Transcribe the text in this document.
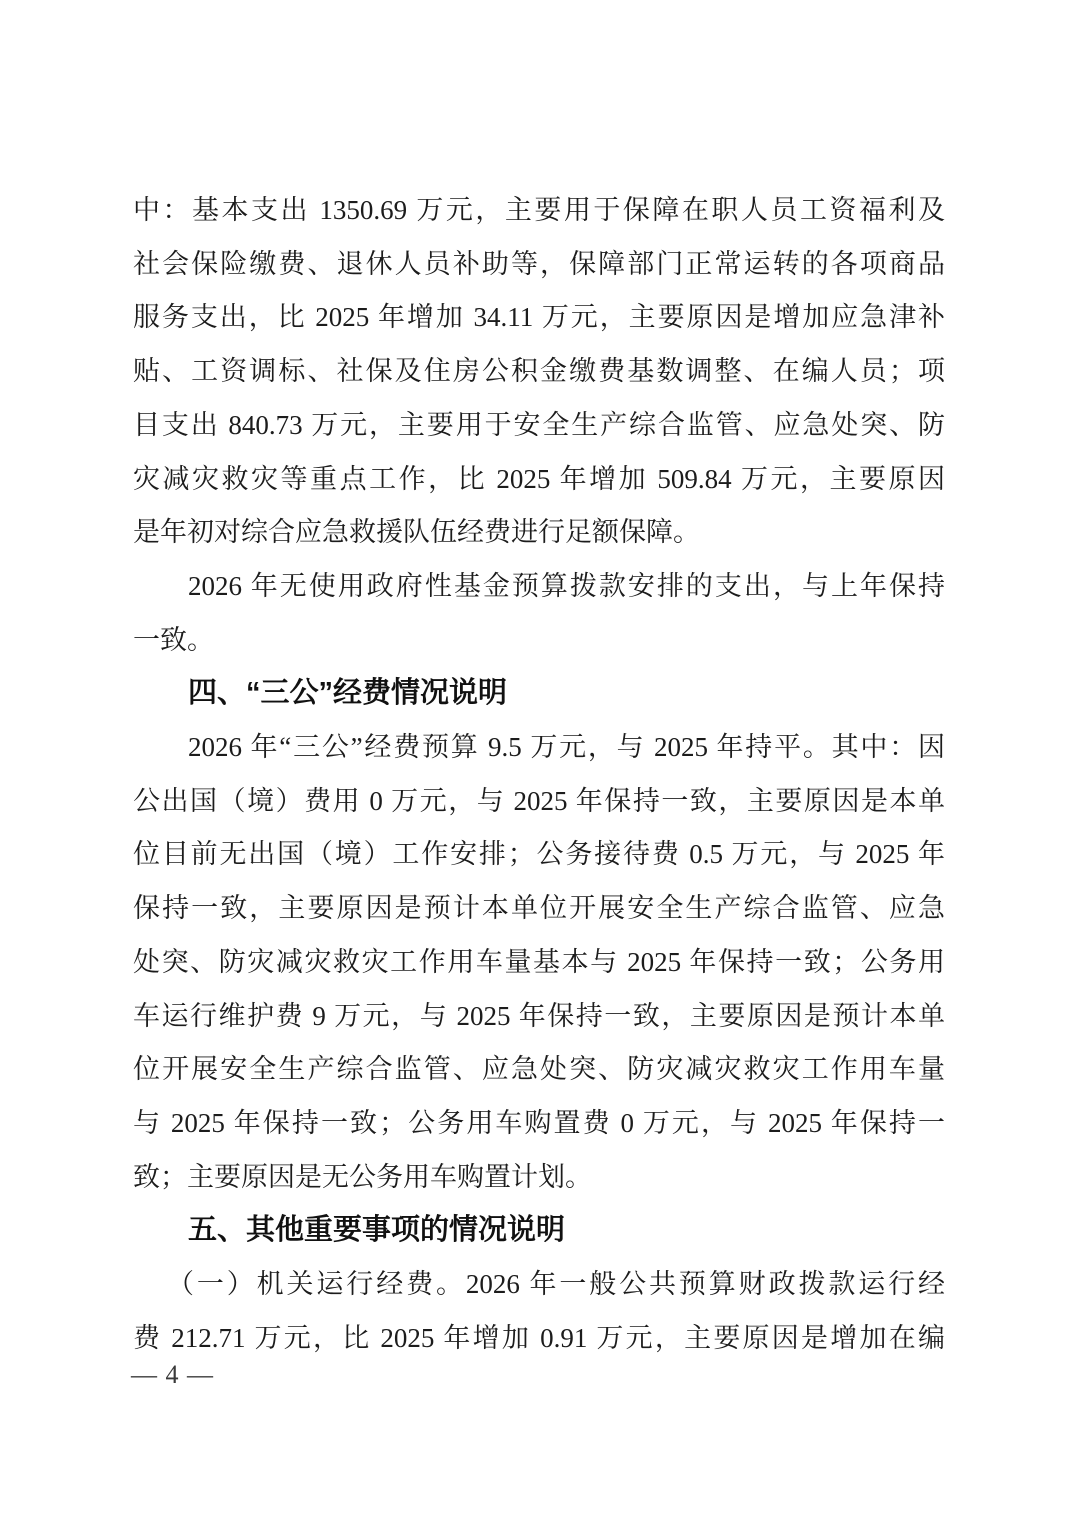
中：基本支出 1350.69 万元，主要用于保障在职人员工资福利及
社会保险缴费、退休人员补助等，保障部门正常运转的各项商品
服务支出，比 2025 年增加 34.11 万元，主要原因是增加应急津补
贴、工资调标、社保及住房公积金缴费基数调整、在编人员；项
目支出 840.73 万元，主要用于安全生产综合监管、应急处突、防
灾减灾救灾等重点工作，比 2025 年增加 509.84 万元，主要原因
是年初对综合应急救援队伍经费进行足额保障。
2026 年无使用政府性基金预算拨款安排的支出，与上年保持
一致。
四、“三公”经费情况说明
2026 年“三公”经费预算 9.5 万元，与 2025 年持平。其中：因
公出国（境）费用 0 万元，与 2025 年保持一致，主要原因是本单
位目前无出国（境）工作安排；公务接待费 0.5 万元，与 2025 年
保持一致，主要原因是预计本单位开展安全生产综合监管、应急
处突、防灾减灾救灾工作用车量基本与 2025 年保持一致；公务用
车运行维护费 9 万元，与 2025 年保持一致，主要原因是预计本单
位开展安全生产综合监管、应急处突、防灾减灾救灾工作用车量
与 2025 年保持一致；公务用车购置费 0 万元，与 2025 年保持一
致；主要原因是无公务用车购置计划。
五、其他重要事项的情况说明
（一）机关运行经费。2026 年一般公共预算财政拨款运行经
费 212.71 万元，比 2025 年增加 0.91 万元，主要原因是增加在编
— 4 —
